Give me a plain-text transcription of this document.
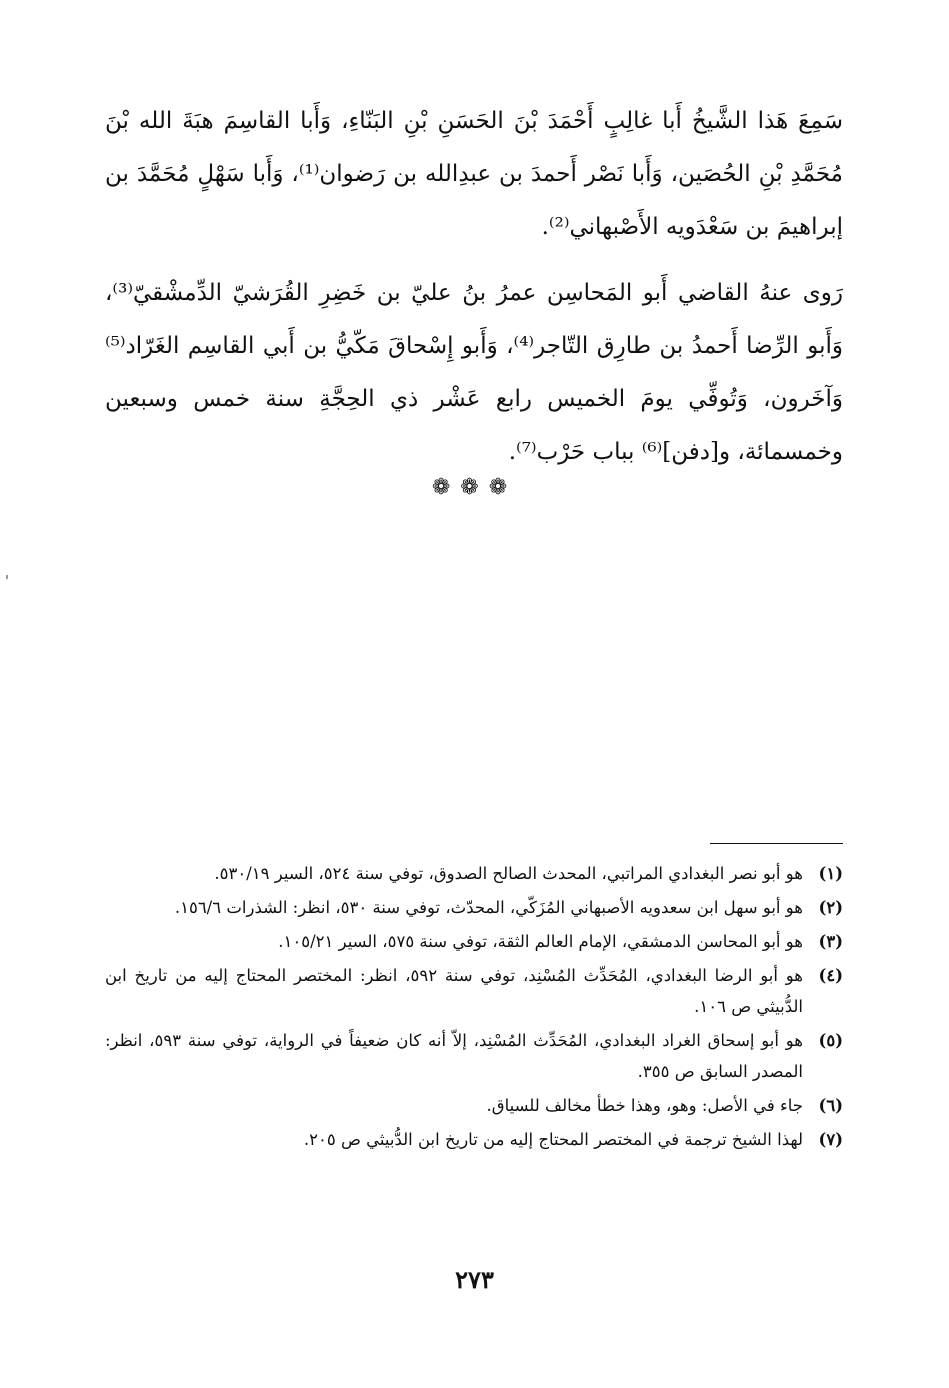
سَمِعَ هَذا الشَّيخُ أَبا غالِبٍ أَحْمَدَ بْنَ الحَسَنِ بْنِ البَنّاءِ، وَأَبا القاسِمَ هبَةَ الله بْنَ مُحَمَّدِ بْنِ الحُصَين، وَأَبا نَصْر أَحمدَ بن عبدِالله بن رَضوان⁽¹⁾، وَأَبا سَهْلٍ مُحَمَّدَ بن إبراهيمَ بن سَعْدَويه الأَصْبهاني⁽²⁾.

رَوى عنهُ القاضي أَبو المَحاسِن عمرُ بنُ عليّ بن خَضِرِ القُرَشيّ الدِّمشْقيّ⁽³⁾، وَأَبو الرِّضا أَحمدُ بن طارِق التّاجر⁽⁴⁾، وَأَبو إِسْحاقَ مَكّيُّ بن أَبي القاسِم الغَرّاد⁽⁵⁾ وَآخَرون، وَتُوفِّي يومَ الخميس رابع عَشْر ذي الحِجَّةِ سنة خمس وسبعين وخمسمائة، و[دفن]⁽⁶⁾ بباب حَرْب⁽⁷⁾.

❁❁❁
(١)
هو أبو نصر البغدادي المراتبي، المحدث الصالح الصدوق، توفي سنة ٥٢٤، السير ٥٣٠/١٩.
(٢)
هو أبو سهل ابن سعدويه الأصبهاني المُزَكّي، المحدّث، توفي سنة ٥٣٠، انظر: الشذرات ١٥٦/٦.
(٣)
هو أبو المحاسن الدمشقي، الإمام العالم الثقة، توفي سنة ٥٧٥، السير ١٠٥/٢١.
(٤)
هو أبو الرضا البغدادي، المُحَدِّث المُسْنِد، توفي سنة ٥٩٢، انظر: المختصر المحتاج إليه من تاريخ ابن الدُّبيثي ص ١٠٦.
(٥)
هو أبو إسحاق الغراد البغدادي، المُحَدِّث المُسْنِد، إلاّ أنه كان ضعيفاً في الرواية، توفي سنة ٥٩٣، انظر: المصدر السابق ص ٣٥٥.
(٦)
جاء في الأصل: وهو، وهذا خطأ مخالف للسياق.
(٧)
لهذا الشيخ ترجمة في المختصر المحتاج إليه من تاريخ ابن الدُّبيثي ص ٢٠٥.
٢٧٣
